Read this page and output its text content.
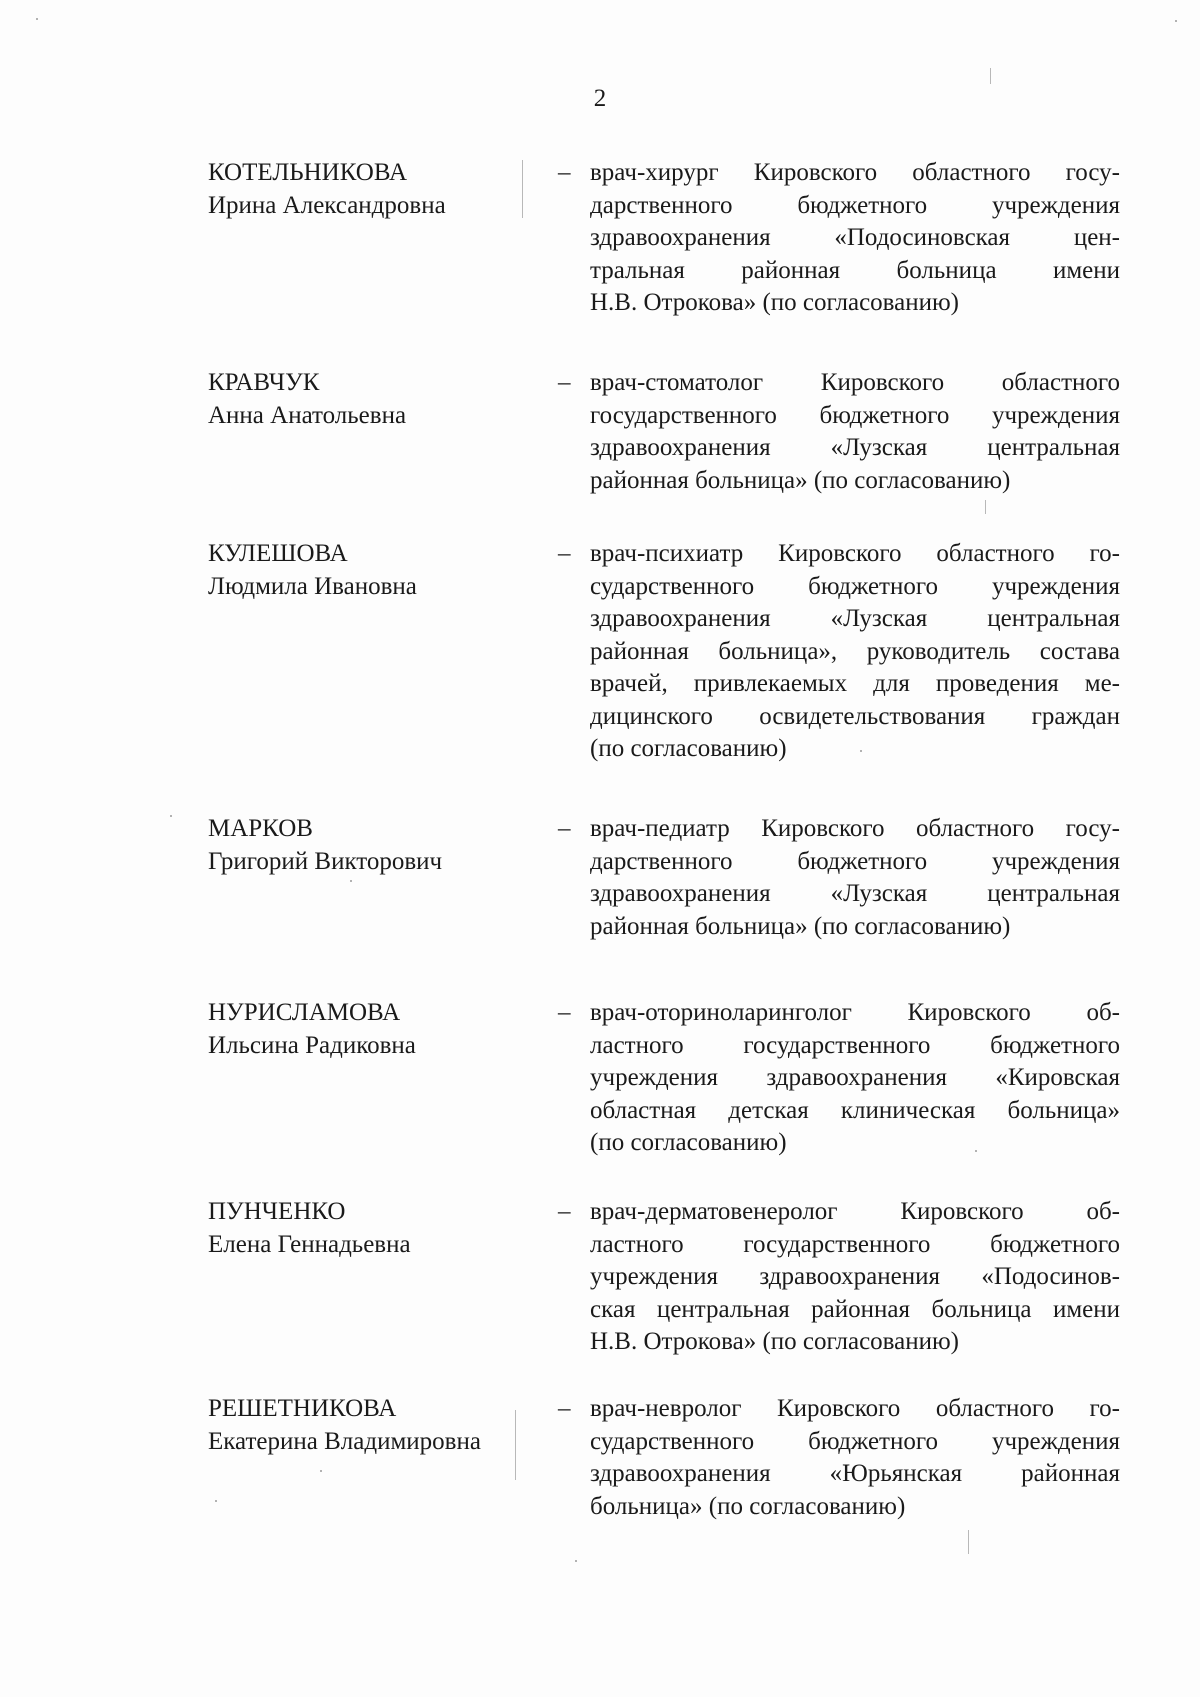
2
КОТЕЛЬНИКОВА
Ирина Александровна
– врач-хирург Кировского областного госу-
дарственного бюджетного учреждения
здравоохранения «Подосиновская цен-
тральная районная больница имени
Н.В. Отрокова» (по согласованию)
КРАВЧУК
Анна Анатольевна
– врач-стоматолог Кировского областного
государственного бюджетного учреждения
здравоохранения «Лузская центральная
районная больница» (по согласованию)
КУЛЕШОВА
Людмила Ивановна
– врач-психиатр Кировского областного го-
сударственного бюджетного учреждения
здравоохранения «Лузская центральная
районная больница», руководитель состава
врачей, привлекаемых для проведения ме-
дицинского освидетельствования граждан
(по согласованию)
МАРКОВ
Григорий Викторович
– врач-педиатр Кировского областного госу-
дарственного бюджетного учреждения
здравоохранения «Лузская центральная
районная больница» (по согласованию)
НУРИСЛАМОВА
Ильсина Радиковна
– врач-оториноларинголог Кировского об-
ластного государственного бюджетного
учреждения здравоохранения «Кировская
областная детская клиническая больница»
(по согласованию)
ПУНЧЕНКО
Елена Геннадьевна
– врач-дерматовенеролог Кировского об-
ластного государственного бюджетного
учреждения здравоохранения «Подосинов-
ская центральная районная больница имени
Н.В. Отрокова» (по согласованию)
РЕШЕТНИКОВА
Екатерина Владимировна
– врач-невролог Кировского областного го-
сударственного бюджетного учреждения
здравоохранения «Юрьянская районная
больница» (по согласованию)
